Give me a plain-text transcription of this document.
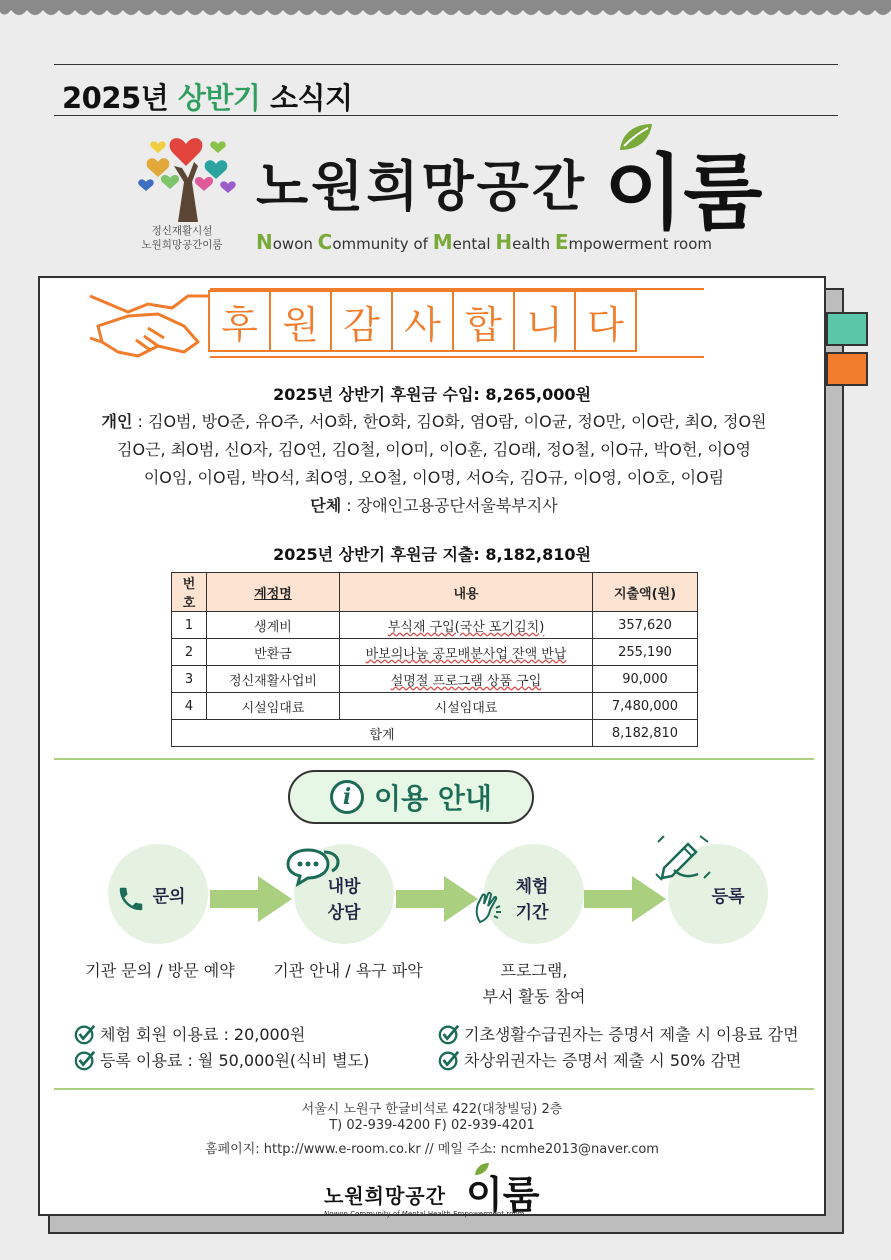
2025년 상반기 소식지
정신재활시설
노원희망공간이룸
노원희망공간 이룸
Nowon Community of Mental Health Empowerment room
후 원 감 사 합 니 다
2025년 상반기 후원금 수입: 8,265,000원
개인 : 김O범, 방O준, 유O주, 서O화, 한O화, 김O화, 염O람, 이O균, 정O만, 이O란, 최O, 정O원
김O근, 최O범, 신O자, 김O연, 김O철, 이O미, 이O훈, 김O래, 정O철, 이O규, 박O헌, 이O영
이O임, 이O림, 박O석, 최O영, 오O철, 이O명, 서O숙, 김O규, 이O영, 이O호, 이O림
단체 : 장애인고용공단서울북부지사
2025년 상반기 후원금 지출: 8,182,810원
번호	계정명	내용	지출액(원)
1	생계비	부식재 구입(국산 포기김치)	357,620
2	반환금	바보의나눔 공모배분사업 잔액 반납	255,190
3	정신재활사업비	설명절 프로그램 상품 구입	90,000
4	시설임대료	시설임대료	7,480,000
합계			8,182,810
i 이용 안내
문의	내방
상담
체험
기간
등록
기관 문의 / 방문 예약	기관 안내 / 욕구 파악	프로그램,
부서 활동 참여
체험 회원 이용료 : 20,000원
등록 이용료 : 월 50,000원(식비 별도)
기초생활수급권자는 증명서 제출 시 이용료 감면
차상위권자는 증명서 제출 시 50% 감면
서울시 노원구 한글비석로 422(대창빌딩) 2층
T) 02-939-4200 F) 02-939-4201
홈페이지: http://www.e-room.co.kr // 메일 주소: ncmhe2013@naver.com
노원희망공간 이룸
Nowon Community of Mental Health Empowerment room
